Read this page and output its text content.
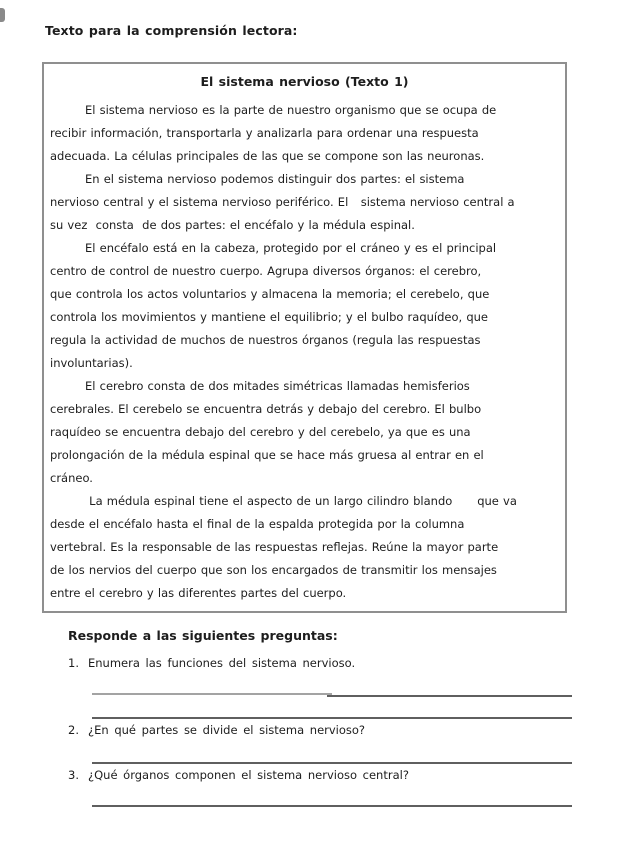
Texto para la comprensión lectora:
El sistema nervioso (Texto 1)
El sistema nervioso es la parte de nuestro organismo que se ocupa de
recibir información, transportarla y analizarla para ordenar una respuesta
adecuada. La células principales de las que se compone son las neuronas.
En el sistema nervioso podemos distinguir dos partes: el sistema
nervioso central y el sistema nervioso periférico. El   sistema nervioso central a
su vez  consta  de dos partes: el encéfalo y la médula espinal.
El encéfalo está en la cabeza, protegido por el cráneo y es el principal
centro de control de nuestro cuerpo. Agrupa diversos órganos: el cerebro,
que controla los actos voluntarios y almacena la memoria; el cerebelo, que
controla los movimientos y mantiene el equilibrio; y el bulbo raquídeo, que
regula la actividad de muchos de nuestros órganos (regula las respuestas
involuntarias).
El cerebro consta de dos mitades simétricas llamadas hemisferios
cerebrales. El cerebelo se encuentra detrás y debajo del cerebro. El bulbo
raquídeo se encuentra debajo del cerebro y del cerebelo, ya que es una
prolongación de la médula espinal que se hace más gruesa al entrar en el
cráneo.
La médula espinal tiene el aspecto de un largo cilindro blando      que va
desde el encéfalo hasta el final de la espalda protegida por la columna
vertebral. Es la responsable de las respuestas reflejas. Reúne la mayor parte
de los nervios del cuerpo que son los encargados de transmitir los mensajes
entre el cerebro y las diferentes partes del cuerpo.
Responde a las siguientes preguntas:
1. Enumera las funciones del sistema nervioso.
2. ¿En qué partes se divide el sistema nervioso?
3. ¿Qué órganos componen el sistema nervioso central?
